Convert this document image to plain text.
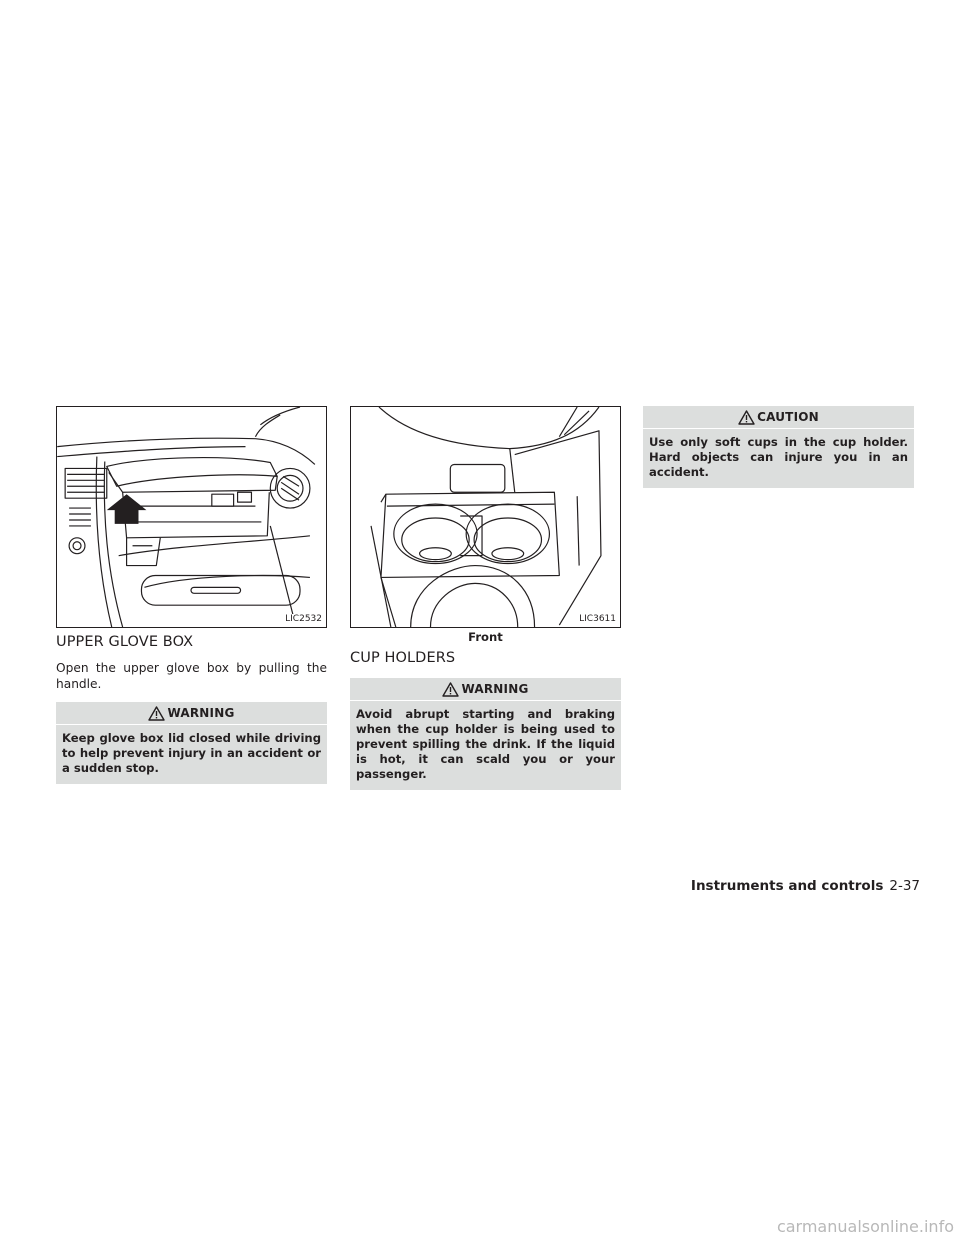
LIC2532
UPPER GLOVE BOX

Open the upper glove box by pulling the handle.

WARNING
Keep glove box lid closed while driving to help prevent injury in an accident or a sudden stop.
LIC3611
Front
CUP HOLDERS
WARNING
Avoid abrupt starting and braking when the cup holder is being used to prevent spilling the drink. If the liquid is hot, it can scald you or your passenger.
CAUTION
Use only soft cups in the cup holder. Hard objects can injure you in an accident.
Instruments and controls 2-37
carmanualsonline.info
